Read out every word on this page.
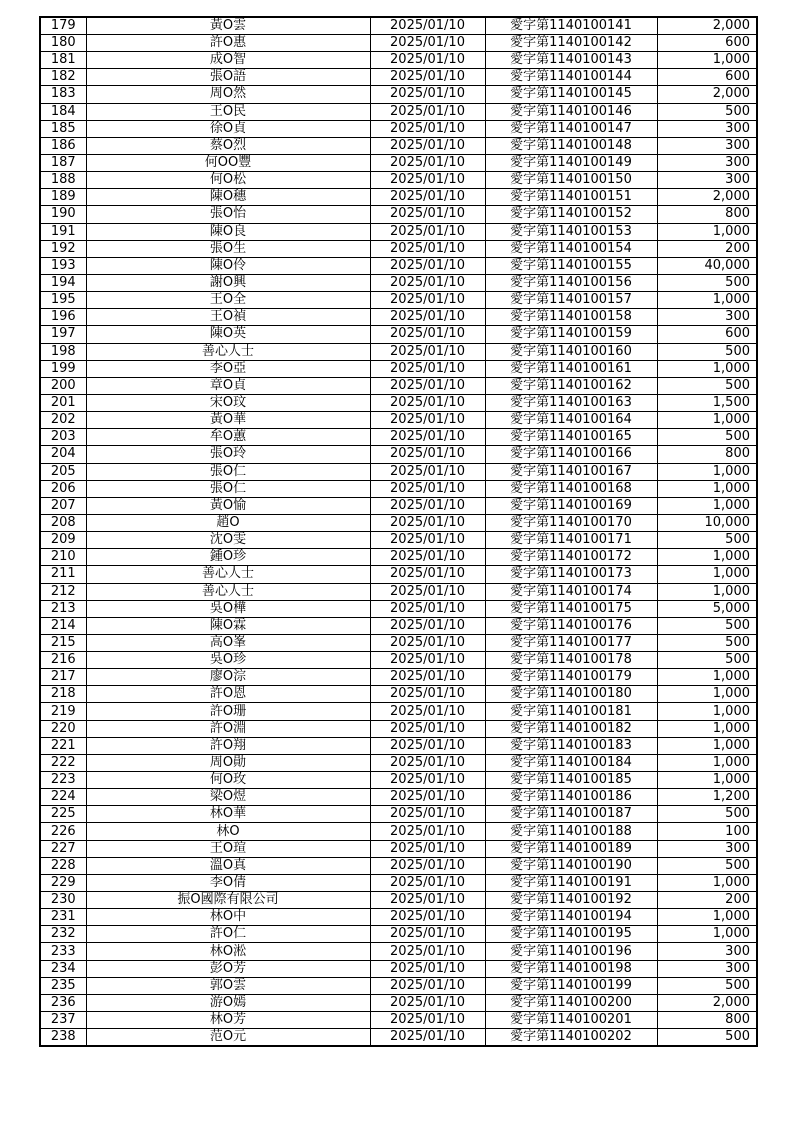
179	黃O雲	2025/01/10	愛字第1140100141	2,000
180	許O惠	2025/01/10	愛字第1140100142	600
181	成O智	2025/01/10	愛字第1140100143	1,000
182	張O語	2025/01/10	愛字第1140100144	600
183	周O然	2025/01/10	愛字第1140100145	2,000
184	王O民	2025/01/10	愛字第1140100146	500
185	徐O貞	2025/01/10	愛字第1140100147	300
186	蔡O烈	2025/01/10	愛字第1140100148	300
187	何OO豐	2025/01/10	愛字第1140100149	300
188	何O松	2025/01/10	愛字第1140100150	300
189	陳O穗	2025/01/10	愛字第1140100151	2,000
190	張O怡	2025/01/10	愛字第1140100152	800
191	陳O良	2025/01/10	愛字第1140100153	1,000
192	張O生	2025/01/10	愛字第1140100154	200
193	陳O伶	2025/01/10	愛字第1140100155	40,000
194	謝O興	2025/01/10	愛字第1140100156	500
195	王O全	2025/01/10	愛字第1140100157	1,000
196	王O禎	2025/01/10	愛字第1140100158	300
197	陳O英	2025/01/10	愛字第1140100159	600
198	善心人士	2025/01/10	愛字第1140100160	500
199	李O亞	2025/01/10	愛字第1140100161	1,000
200	章O貞	2025/01/10	愛字第1140100162	500
201	宋O玟	2025/01/10	愛字第1140100163	1,500
202	黃O華	2025/01/10	愛字第1140100164	1,000
203	牟O蕙	2025/01/10	愛字第1140100165	500
204	張O玲	2025/01/10	愛字第1140100166	800
205	張O仁	2025/01/10	愛字第1140100167	1,000
206	張O仁	2025/01/10	愛字第1140100168	1,000
207	黃O愉	2025/01/10	愛字第1140100169	1,000
208	趙O	2025/01/10	愛字第1140100170	10,000
209	沈O雯	2025/01/10	愛字第1140100171	500
210	鍾O珍	2025/01/10	愛字第1140100172	1,000
211	善心人士	2025/01/10	愛字第1140100173	1,000
212	善心人士	2025/01/10	愛字第1140100174	1,000
213	吳O樺	2025/01/10	愛字第1140100175	5,000
214	陳O霖	2025/01/10	愛字第1140100176	500
215	高O峯	2025/01/10	愛字第1140100177	500
216	吳O珍	2025/01/10	愛字第1140100178	500
217	廖O淙	2025/01/10	愛字第1140100179	1,000
218	許O恩	2025/01/10	愛字第1140100180	1,000
219	許O珊	2025/01/10	愛字第1140100181	1,000
220	許O淵	2025/01/10	愛字第1140100182	1,000
221	許O翔	2025/01/10	愛字第1140100183	1,000
222	周O勛	2025/01/10	愛字第1140100184	1,000
223	何O玫	2025/01/10	愛字第1140100185	1,000
224	梁O煜	2025/01/10	愛字第1140100186	1,200
225	林O華	2025/01/10	愛字第1140100187	500
226	林O	2025/01/10	愛字第1140100188	100
227	王O瑄	2025/01/10	愛字第1140100189	300
228	溫O真	2025/01/10	愛字第1140100190	500
229	李O倩	2025/01/10	愛字第1140100191	1,000
230	振O國際有限公司	2025/01/10	愛字第1140100192	200
231	林O中	2025/01/10	愛字第1140100194	1,000
232	許O仁	2025/01/10	愛字第1140100195	1,000
233	林O淞	2025/01/10	愛字第1140100196	300
234	彭O芳	2025/01/10	愛字第1140100198	300
235	郭O雲	2025/01/10	愛字第1140100199	500
236	游O嫣	2025/01/10	愛字第1140100200	2,000
237	林O芳	2025/01/10	愛字第1140100201	800
238	范O元	2025/01/10	愛字第1140100202	500
